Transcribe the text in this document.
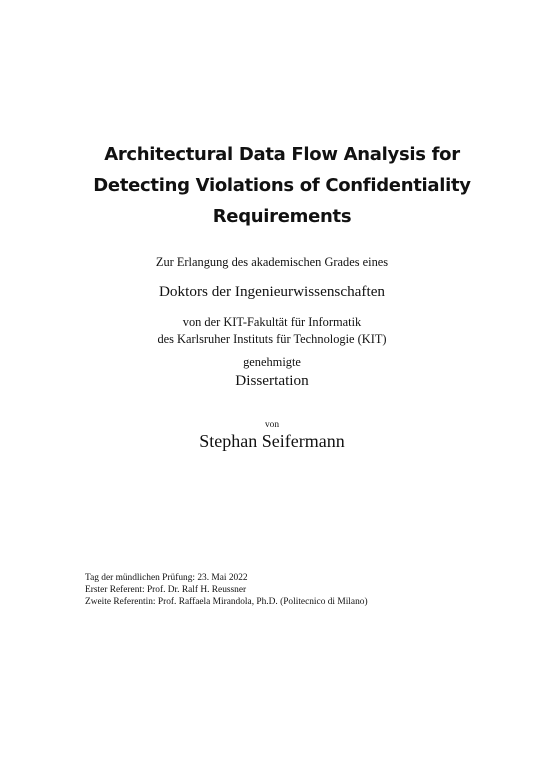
Architectural Data Flow Analysis for
Detecting Violations of Confidentiality
Requirements
Zur Erlangung des akademischen Grades eines
Doktors der Ingenieurwissenschaften
von der KIT-Fakultät für Informatik
des Karlsruher Instituts für Technologie (KIT)
genehmigte
Dissertation
von
Stephan Seifermann
Tag der mündlichen Prüfung: 23. Mai 2022
Erster Referent: Prof. Dr. Ralf H. Reussner
Zweite Referentin: Prof. Raffaela Mirandola, Ph.D. (Politecnico di Milano)
